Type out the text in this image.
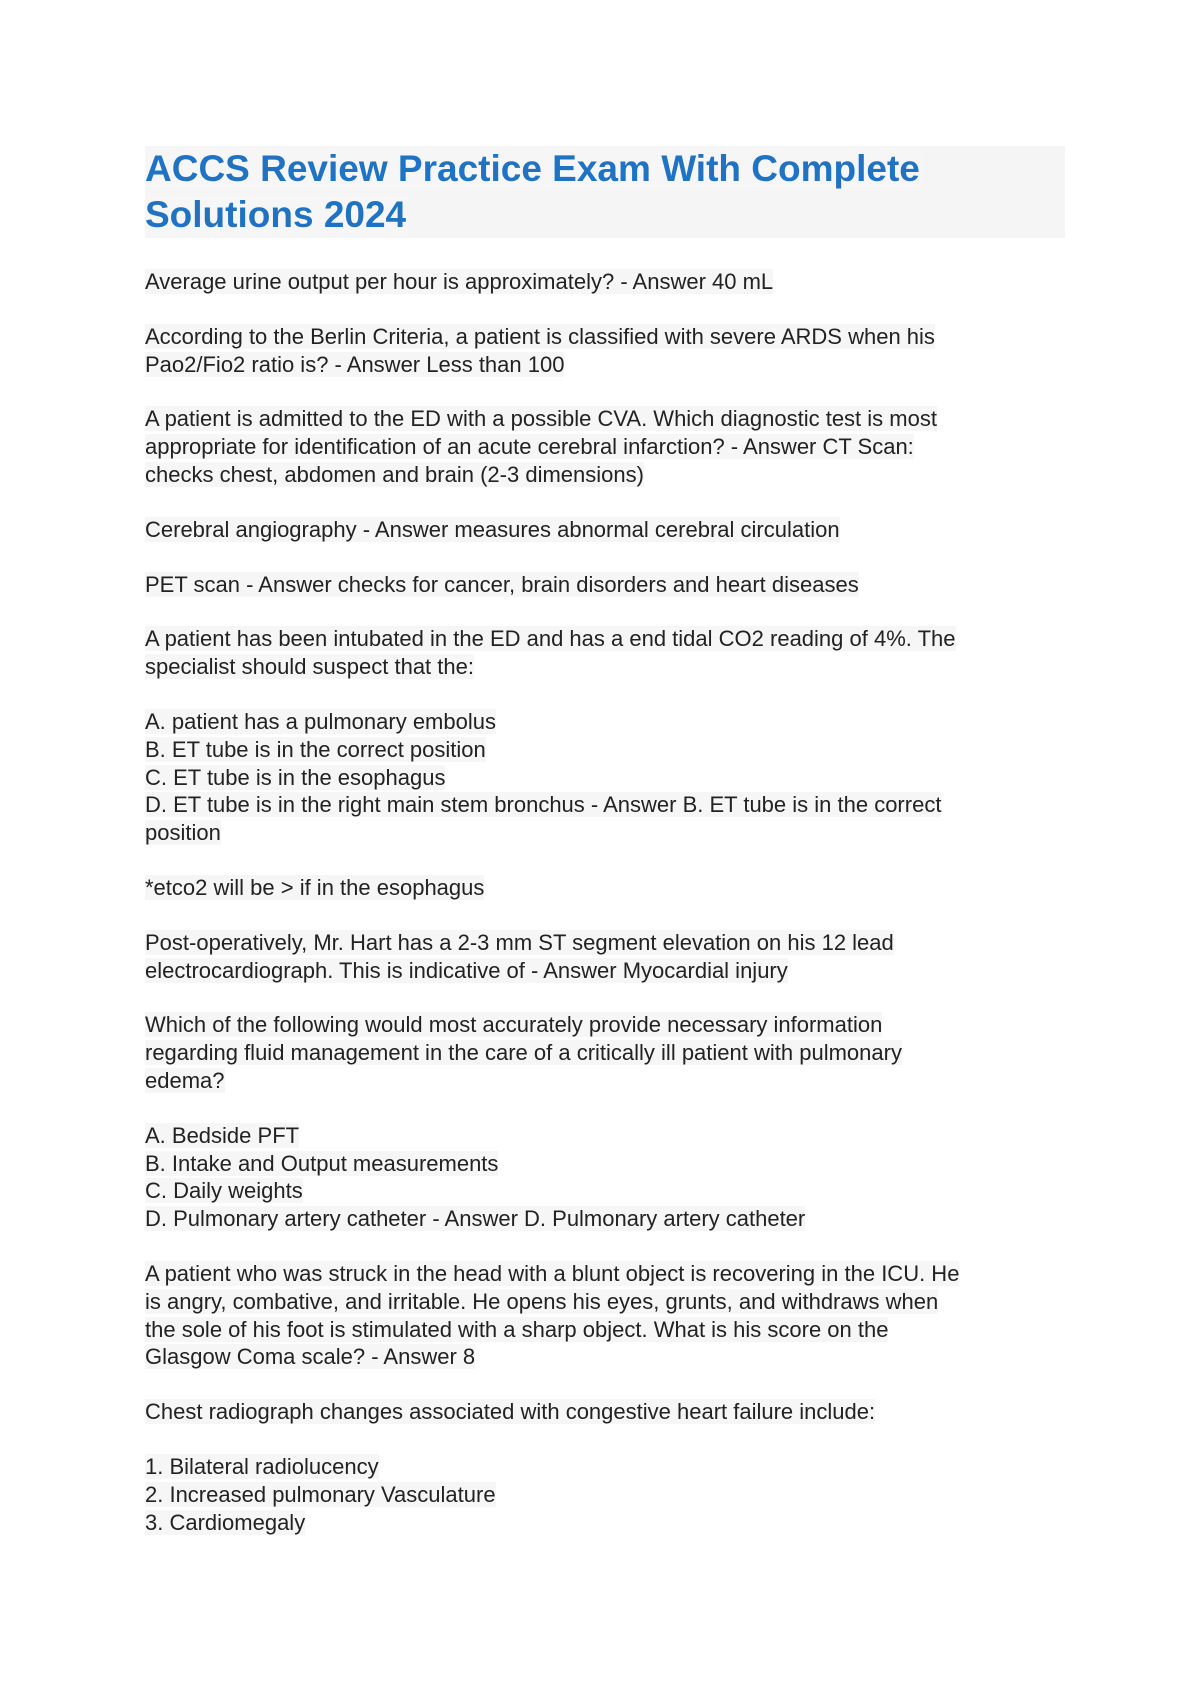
ACCS Review Practice Exam With Complete
Solutions 2024

Average urine output per hour is approximately? - Answer 40 mL

According to the Berlin Criteria, a patient is classified with severe ARDS when his
Pao2/Fio2 ratio is? - Answer Less than 100

A patient is admitted to the ED with a possible CVA. Which diagnostic test is most
appropriate for identification of an acute cerebral infarction? - Answer CT Scan:
checks chest, abdomen and brain (2-3 dimensions)

Cerebral angiography - Answer measures abnormal cerebral circulation

PET scan - Answer checks for cancer, brain disorders and heart diseases

A patient has been intubated in the ED and has a end tidal CO2 reading of 4%. The
specialist should suspect that the:

A. patient has a pulmonary embolus
B. ET tube is in the correct position
C. ET tube is in the esophagus
D. ET tube is in the right main stem bronchus - Answer B. ET tube is in the correct
position

*etco2 will be > if in the esophagus

Post-operatively, Mr. Hart has a 2-3 mm ST segment elevation on his 12 lead
electrocardiograph. This is indicative of - Answer Myocardial injury

Which of the following would most accurately provide necessary information
regarding fluid management in the care of a critically ill patient with pulmonary
edema?

A. Bedside PFT
B. Intake and Output measurements
C. Daily weights
D. Pulmonary artery catheter - Answer D. Pulmonary artery catheter

A patient who was struck in the head with a blunt object is recovering in the ICU. He
is angry, combative, and irritable. He opens his eyes, grunts, and withdraws when
the sole of his foot is stimulated with a sharp object. What is his score on the
Glasgow Coma scale? - Answer 8

Chest radiograph changes associated with congestive heart failure include:

1. Bilateral radiolucency
2. Increased pulmonary Vasculature
3. Cardiomegaly
